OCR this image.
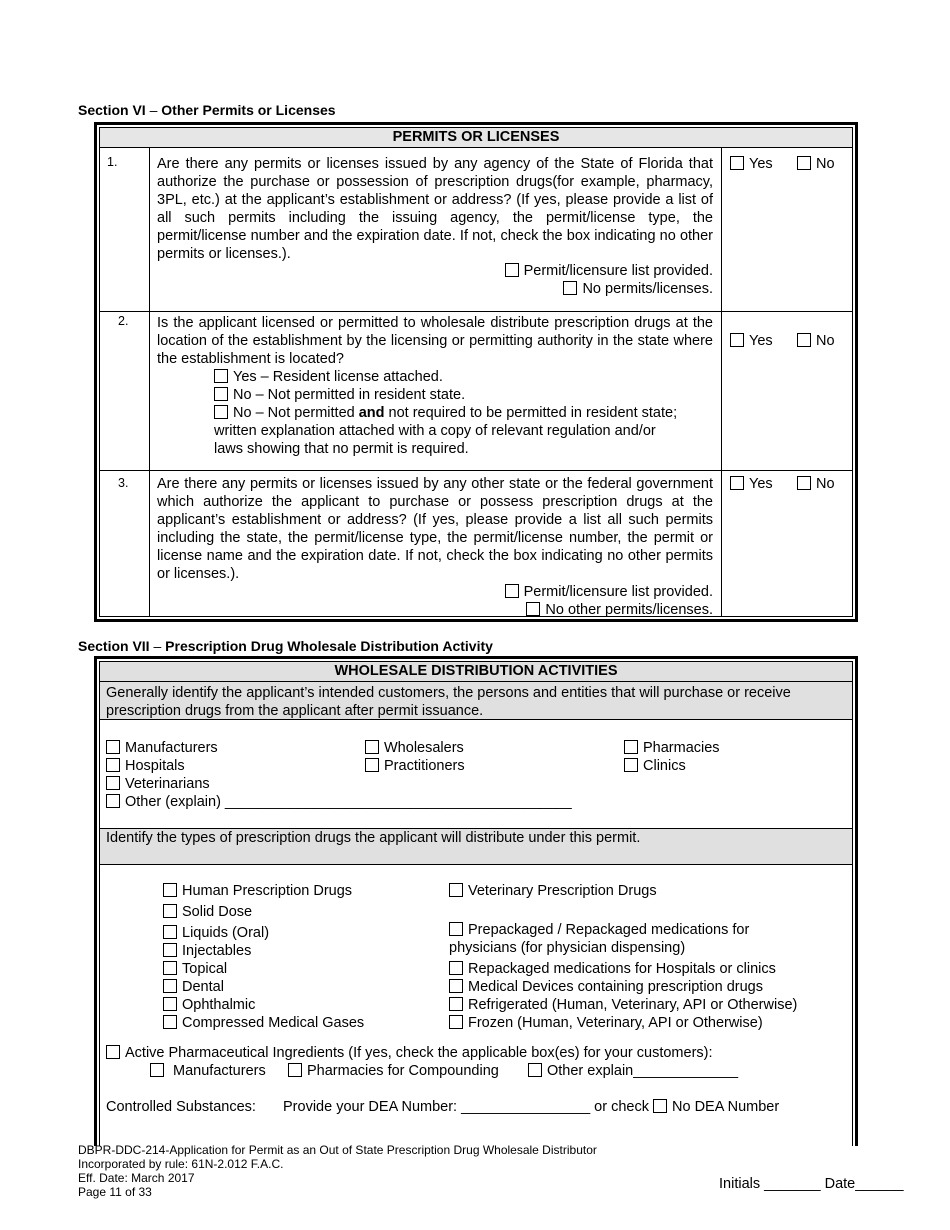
Section VI – Other Permits or Licenses
PERMITS OR LICENSES
1.	Are there any permits or licenses issued by any agency of the State of Florida that authorize the purchase or possession of prescription drugs(for example, pharmacy, 3PL, etc.) at the applicant’s establishment or address? (If yes, please provide a list of all such permits including the issuing agency, the permit/license type, the permit/license number and the expiration date. If not, check the box indicating no other permits or licenses.).
Permit/licensure list provided.
No permits/licenses.
Yes	No
2. Is the applicant licensed or permitted to wholesale distribute prescription drugs at the location of the establishment by the licensing or permitting authority in the state where the establishment is located?
Yes – Resident license attached.
No – Not permitted in resident state.
No – Not permitted and not required to be permitted in resident state;
written explanation attached with a copy of relevant regulation and/or
laws showing that no permit is required.
Yes	No
3. Are there any permits or licenses issued by any other state or the federal government which authorize the applicant to purchase or possess prescription drugs at the applicant’s establishment or address? (If yes, please provide a list all such permits including the state, the permit/license type, the permit/license number, the permit or license name and the expiration date. If not, check the box indicating no other permits or licenses.).
Permit/licensure list provided.
No other permits/licenses.
Yes	No
Section VII – Prescription Drug Wholesale Distribution Activity
WHOLESALE DISTRIBUTION ACTIVITIES
Generally identify the applicant’s intended customers, the persons and entities that will purchase or receive prescription drugs from the applicant after permit issuance.
Manufacturers
Hospitals
Veterinarians
Other (explain) ___________________________________________
Wholesalers
Practitioners
Pharmacies
Clinics
Identify the types of prescription drugs the applicant will distribute under this permit.
Human Prescription Drugs
Solid Dose
Liquids (Oral)
Injectables
Topical
Dental
Ophthalmic
Compressed Medical Gases
Veterinary Prescription Drugs
Prepackaged / Repackaged medications for
physicians (for physician dispensing)
Repackaged medications for Hospitals or clinics
Medical Devices containing prescription drugs
Refrigerated (Human, Veterinary, API or Otherwise)
Frozen (Human, Veterinary, API or Otherwise)
Active Pharmaceutical Ingredients (If yes, check the applicable box(es) for your customers):
Manufacturers	Pharmacies for Compounding	Other explain_____________
Controlled Substances: Provide your DEA Number: ________________ or check No DEA Number
DBPR-DDC-214-Application for Permit as an Out of State Prescription Drug Wholesale Distributor
Incorporated by rule: 61N-2.012 F.A.C.
Eff. Date: March 2017
Page 11 of 33	Initials _______ Date______
